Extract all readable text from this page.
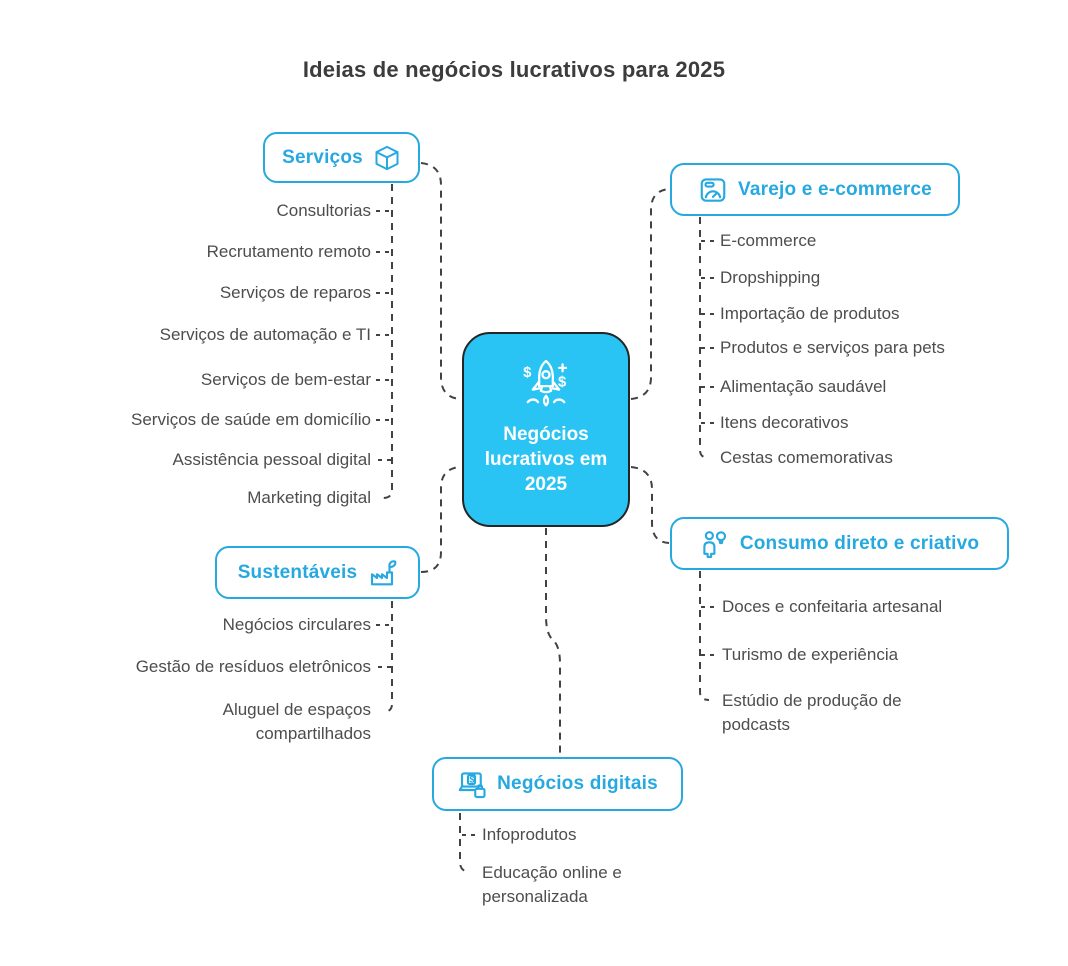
Ideias de negócios lucrativos para 2025
$
$
Negócios lucrativos em 2025
Serviços
Varejo e e-commerce
Sustentáveis
Consumo direto e criativo
$ Negócios digitais
Consultorias
Recrutamento remoto
Serviços de reparos
Serviços de automação e TI
Serviços de bem-estar
Serviços de saúde em domicílio
Assistência pessoal digital
Marketing digital
E-commerce
Dropshipping
Importação de produtos
Produtos e serviços para pets
Alimentação saudável
Itens decorativos
Cestas comemorativas
Negócios circulares
Gestão de resíduos eletrônicos
Aluguel de espaços compartilhados
Doces e confeitaria artesanal
Turismo de experiência
Estúdio de produção de podcasts
Infoprodutos
Educação online e personalizada
